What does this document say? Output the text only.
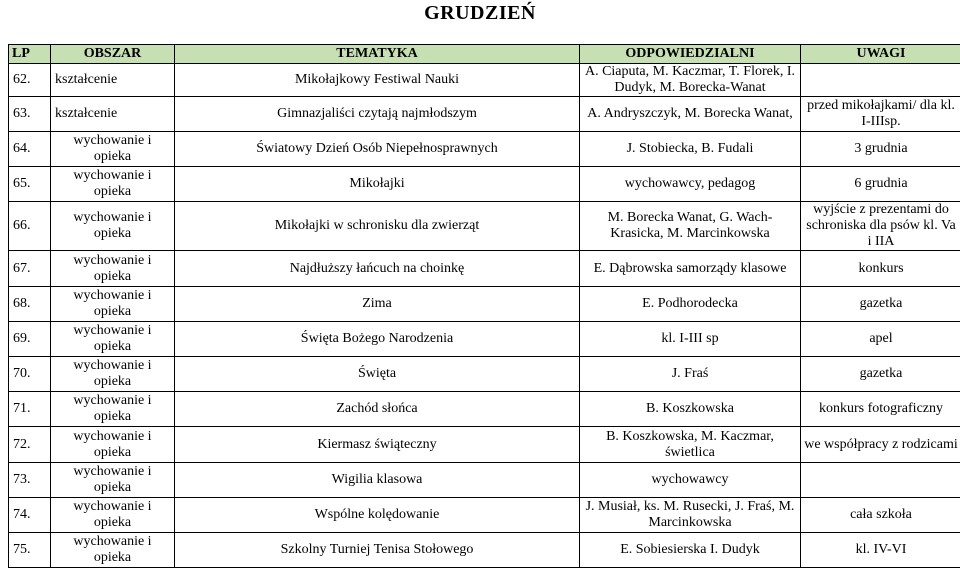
GRUDZIEŃ
LP	OBSZAR	TEMATYKA	ODPOWIEDZIALNI	UWAGI
62.	kształcenie	Mikołajkowy Festiwal Nauki	A. Ciaputa, M. Kaczmar, T. Florek, I. Dudyk, M. Borecka-Wanat	
63.	kształcenie	Gimnazjaliści czytają najmłodszym	A. Andryszczyk, M. Borecka Wanat,	przed mikołajkami/ dla kl. I-IIIsp.
64.	wychowanie i opieka	Światowy Dzień Osób Niepełnosprawnych	J. Stobiecka, B. Fudali	3 grudnia
65.	wychowanie i opieka	Mikołajki	wychowawcy, pedagog	6 grudnia
66.	wychowanie i opieka	Mikołajki w schronisku dla zwierząt	M. Borecka Wanat, G. Wach-Krasicka, M. Marcinkowska	wyjście z prezentami do schroniska dla psów kl. Va i IIA
67.	wychowanie i opieka	Najdłuższy łańcuch na choinkę	E. Dąbrowska samorządy klasowe	konkurs
68.	wychowanie i opieka	Zima	E. Podhorodecka	gazetka
69.	wychowanie i opieka	Święta Bożego Narodzenia	kl. I-III sp	apel
70.	wychowanie i opieka	Święta	J. Fraś	gazetka
71.	wychowanie i opieka	Zachód słońca	B. Koszkowska	konkurs fotograficzny
72.	wychowanie i opieka	Kiermasz świąteczny	B. Koszkowska, M. Kaczmar, świetlica	we współpracy z rodzicami
73.	wychowanie i opieka	Wigilia klasowa	wychowawcy	
74.	wychowanie i opieka	Wspólne kolędowanie	J. Musiał, ks. M. Rusecki, J. Fraś, M. Marcinkowska	cała szkoła
75.	wychowanie i opieka	Szkolny Turniej Tenisa Stołowego	E. Sobiesierska I. Dudyk	kl. IV-VI
